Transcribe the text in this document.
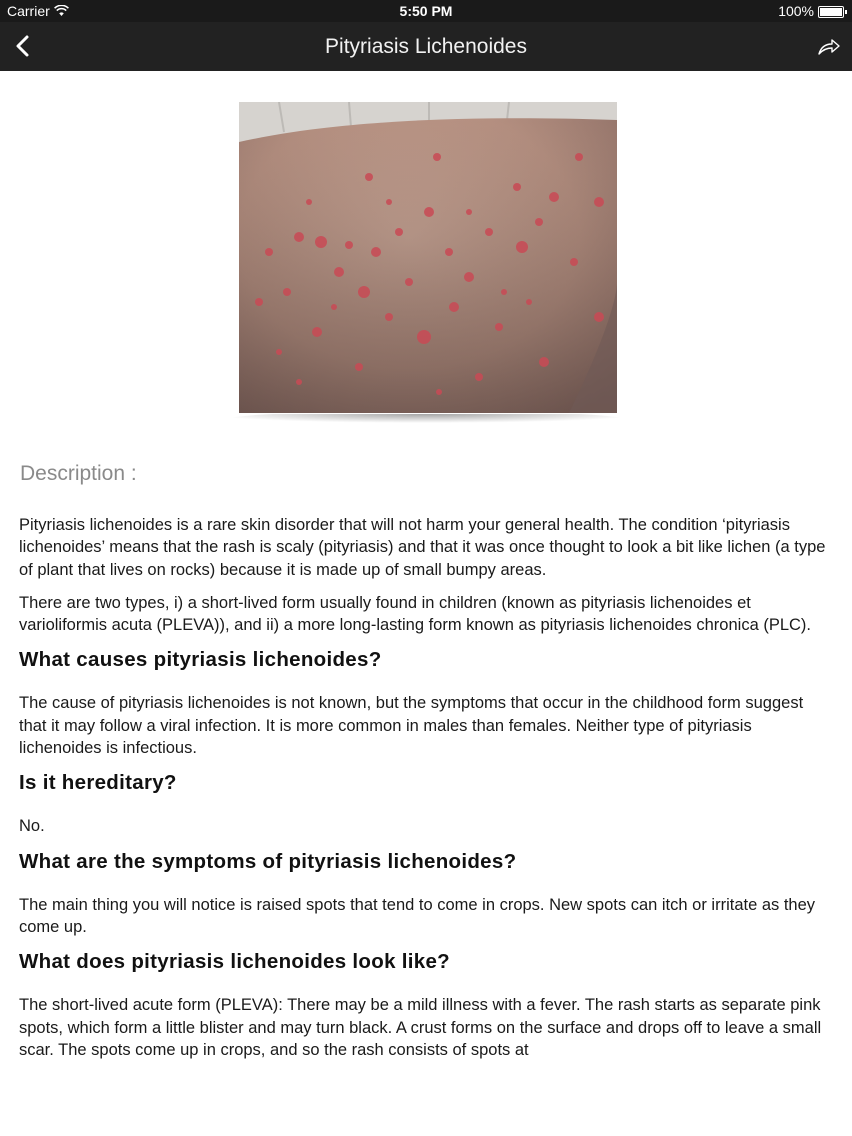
Carrier	5:50 PM	100%
Pityriasis Lichenoides
Description :

Pityriasis lichenoides is a rare skin disorder that will not harm your general health. The condition ‘pityriasis lichenoides’ means that the rash is scaly (pityriasis) and that it was once thought to look a bit like lichen (a type of plant that lives on rocks) because it is made up of small bumpy areas.

There are two types, i) a short-lived form usually found in children (known as pityriasis lichenoides et varioliformis acuta (PLEVA)), and ii) a more long-lasting form known as pityriasis lichenoides chronica (PLC).

What causes pityriasis lichenoides?

The cause of pityriasis lichenoides is not known, but the symptoms that occur in the childhood form suggest that it may follow a viral infection. It is more common in males than females. Neither type of pityriasis lichenoides is infectious.

Is it hereditary?

No.

What are the symptoms of pityriasis lichenoides?

The main thing you will notice is raised spots that tend to come in crops. New spots can itch or irritate as they come up.

What does pityriasis lichenoides look like?

The short-lived acute form (PLEVA): There may be a mild illness with a fever. The rash starts as separate pink spots, which form a little blister and may turn black. A crust forms on the surface and drops off to leave a small scar. The spots come up in crops, and so the rash consists of spots at
